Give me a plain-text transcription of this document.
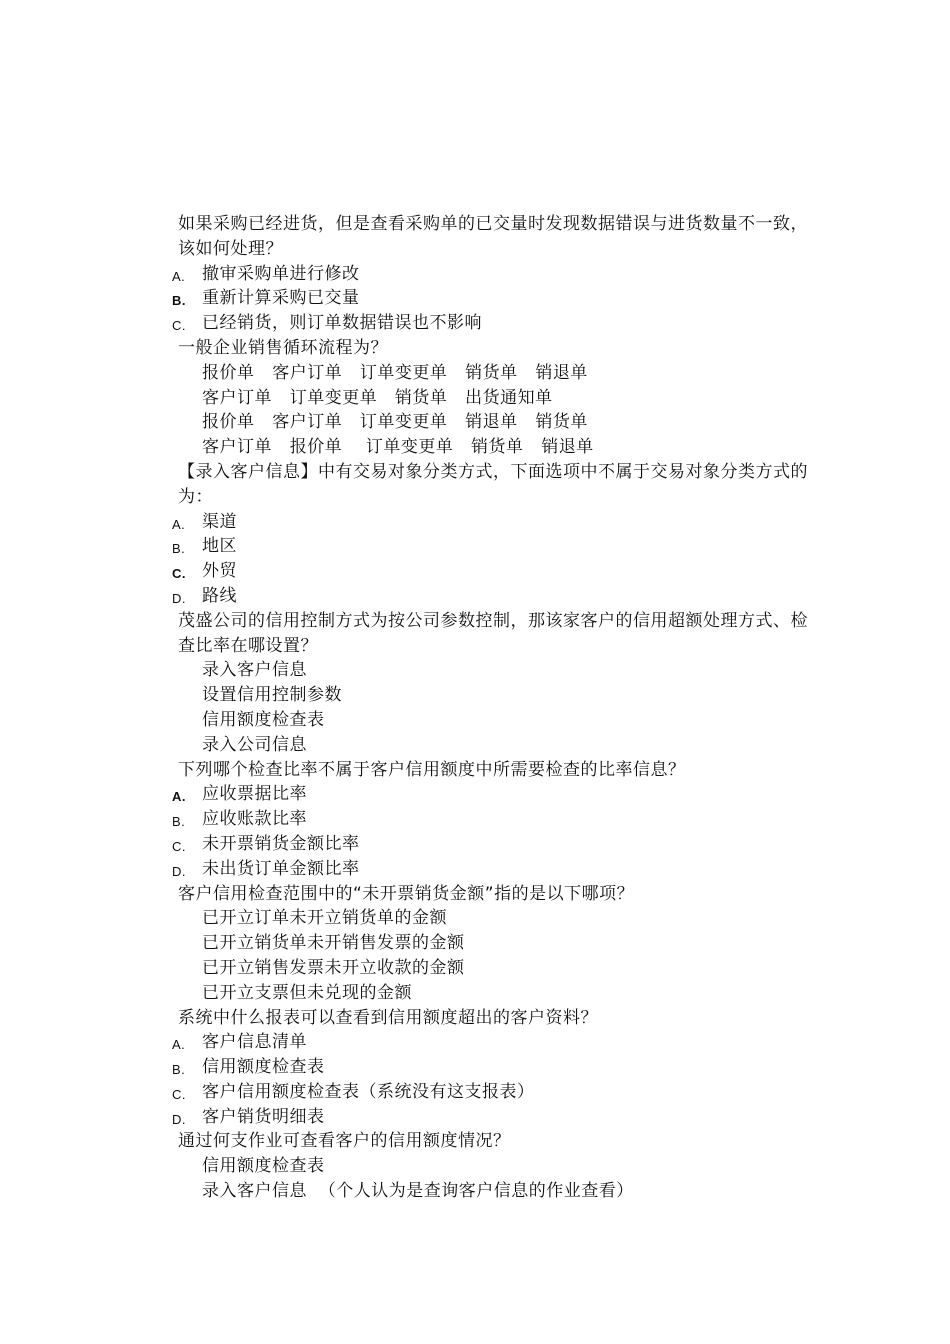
如果采购已经进货，但是查看采购单的已交量时发现数据错误与进货数量不一致，该如何处理？
A. 撤审采购单进行修改
B. 重新计算采购已交量
C. 已经销货，则订单数据错误也不影响
一般企业销售循环流程为？
报价单   客户订单   订单变更单   销货单   销退单
客户订单   订单变更单   销货单   出货通知单
报价单   客户订单   订单变更单   销退单   销货单
客户订单   报价单    订单变更单   销货单   销退单
【录入客户信息】中有交易对象分类方式，下面选项中不属于交易对象分类方式的为：
A. 渠道
B. 地区
C. 外贸
D. 路线
茂盛公司的信用控制方式为按公司参数控制，那该家客户的信用超额处理方式、检查比率在哪设置？
录入客户信息
设置信用控制参数
信用额度检查表
录入公司信息
下列哪个检查比率不属于客户信用额度中所需要检查的比率信息？
A. 应收票据比率
B. 应收账款比率
C. 未开票销货金额比率
D. 未出货订单金额比率
客户信用检查范围中的“未开票销货金额”指的是以下哪项？
已开立订单未开立销货单的金额
已开立销货单未开销售发票的金额
已开立销售发票未开立收款的金额
已开立支票但未兑现的金额
系统中什么报表可以查看到信用额度超出的客户资料？
A. 客户信息清单
B. 信用额度检查表
C. 客户信用额度检查表（系统没有这支报表）
D. 客户销货明细表
通过何支作业可查看客户的信用额度情况？
信用额度检查表
录入客户信息  （个人认为是查询客户信息的作业查看）
